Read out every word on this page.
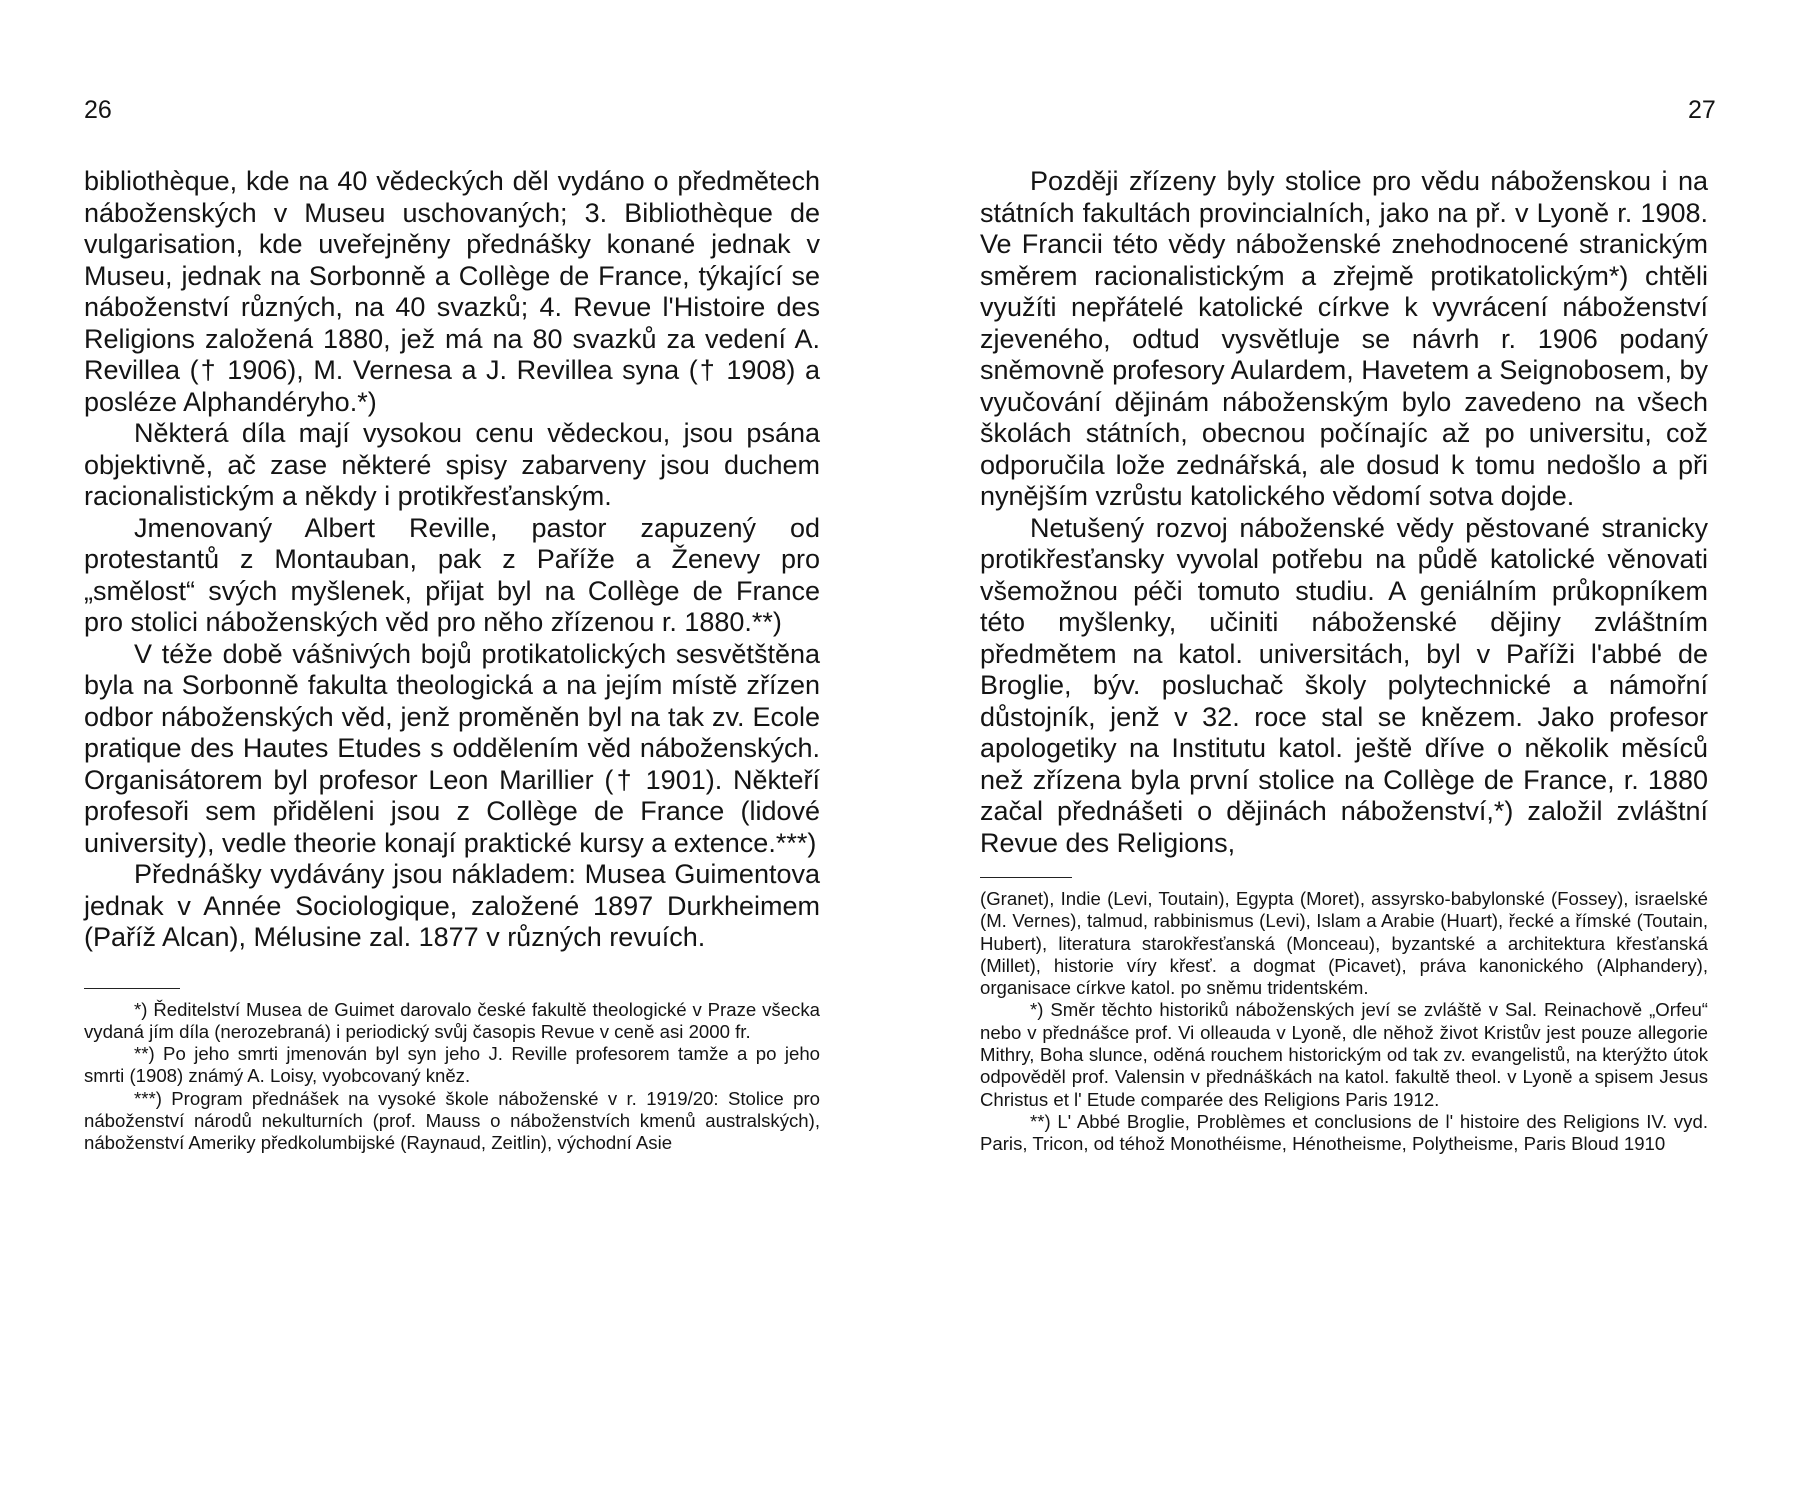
26	27

bibliothèque, kde na 40 vědeckých děl vydáno o předmětech náboženských v Museu uschovaných; 3. Bibliothèque de vulgarisation, kde uveřejněny přednášky konané jednak v Museu, jednak na Sorbonně a Collège de France, týkající se náboženství různých, na 40 svazků; 4. Revue l'Histoire des Religions založená 1880, jež má na 80 svazků za vedení A. Revillea († 1906), M. Vernesa a J. Revillea syna († 1908) a posléze Alphandéryho.*)

Některá díla mají vysokou cenu vědeckou, jsou psána objektivně, ač zase některé spisy zabarveny jsou duchem racionalistickým a někdy i protikřesťanským.

Jmenovaný Albert Reville, pastor zapuzený od protestantů z Montauban, pak z Paříže a Ženevy pro „smělost“ svých myšlenek, přijat byl na Collège de France pro stolici náboženských věd pro něho zřízenou r. 1880.**)

V téže době vášnivých bojů protikatolických sesvětštěna byla na Sorbonně fakulta theologická a na jejím místě zřízen odbor náboženských věd, jenž proměněn byl na tak zv. Ecole pratique des Hautes Etudes s oddělením věd náboženských. Organisátorem byl profesor Leon Marillier († 1901). Někteří profesoři sem přiděleni jsou z Collège de France (lidové university), vedle theorie konají praktické kursy a extence.***)

Přednášky vydávány jsou nákladem: Musea Guimentova jednak v Année Sociologique, založené 1897 Durkheimem (Paříž Alcan), Mélusine zal. 1877 v různých revuích.

*) Ředitelství Musea de Guimet darovalo české fakultě theologické v Praze všecka vydaná jím díla (nerozebraná) i periodický svůj časopis Revue v ceně asi 2000 fr.

**) Po jeho smrti jmenován byl syn jeho J. Reville profesorem tamže a po jeho smrti (1908) známý A. Loisy, vyobcovaný kněz.

***) Program přednášek na vysoké škole náboženské v r. 1919/20: Stolice pro náboženství národů nekulturních (prof. Mauss o náboženstvích kmenů australských), náboženství Ameriky předkolumbijské (Raynaud, Zeitlin), východní Asie

Později zřízeny byly stolice pro vědu náboženskou i na státních fakultách provincialních, jako na př. v Lyoně r. 1908. Ve Francii této vědy náboženské znehodnocené stranickým směrem racionalistickým a zřejmě protikatolickým*) chtěli využíti nepřátelé katolické církve k vyvrácení náboženství zjeveného, odtud vysvětluje se návrh r. 1906 podaný sněmovně profesory Aulardem, Havetem a Seignobosem, by vyučování dějinám náboženským bylo zavedeno na všech školách státních, obecnou počínajíc až po universitu, což odporučila lože zednářská, ale dosud k tomu nedošlo a při nynějším vzrůstu katolického vědomí sotva dojde.

Netušený rozvoj náboženské vědy pěstované stranicky protikřesťansky vyvolal potřebu na půdě katolické věnovati všemožnou péči tomuto studiu. A geniálním průkopníkem této myšlenky, učiniti náboženské dějiny zvláštním předmětem na katol. universitách, byl v Paříži l'abbé de Broglie, býv. posluchač školy polytechnické a námořní důstojník, jenž v 32. roce stal se knězem. Jako profesor apologetiky na Institutu katol. ještě dříve o několik měsíců než zřízena byla první stolice na Collège de France, r. 1880 začal přednášeti o dějinách náboženství,*) založil zvláštní Revue des Religions,

(Granet), Indie (Levi, Toutain), Egypta (Moret), assyrsko-babylonské (Fossey), israelské (M. Vernes), talmud, rabbinismus (Levi), Islam a Arabie (Huart), řecké a římské (Toutain, Hubert), literatura starokřesťanská (Monceau), byzantské a architektura křesťanská (Millet), historie víry křesť. a dogmat (Picavet), práva kanonického (Alphandery), organisace církve katol. po sněmu tridentském.

*) Směr těchto historiků náboženských jeví se zvláště v Sal. Reinachově „Orfeu“ nebo v přednášce prof. Vi olleauda v Lyoně, dle něhož život Kristův jest pouze allegorie Mithry, Boha slunce, oděná rouchem historickým od tak zv. evangelistů, na kterýžto útok odpověděl prof. Valensin v přednáškách na katol. fakultě theol. v Lyoně a spisem Jesus Christus et l' Etude comparée des Religions Paris 1912.

**) L' Abbé Broglie, Problèmes et conclusions de l' histoire des Religions IV. vyd. Paris, Tricon, od téhož Monothéisme, Hénotheisme, Polytheisme, Paris Bloud 1910
